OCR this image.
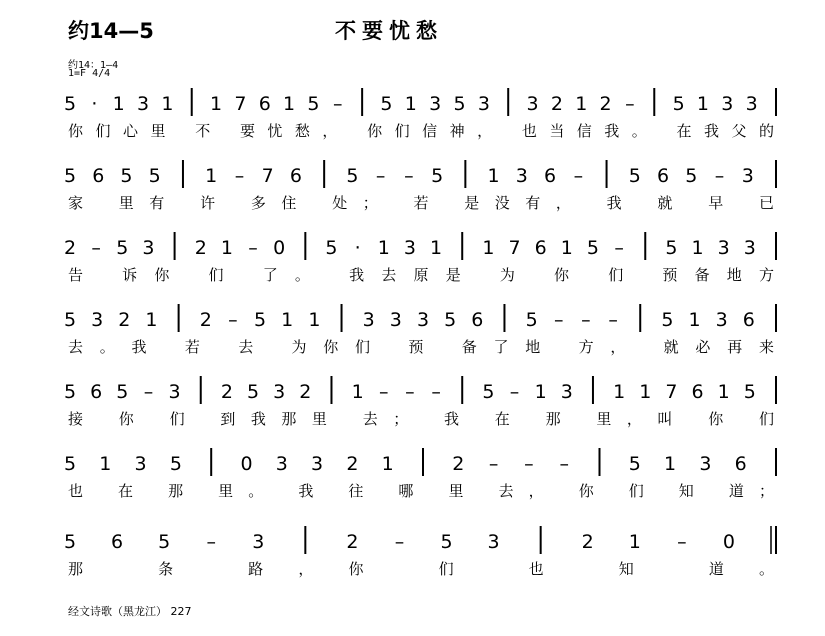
约14—5	不要忧愁
约14：1—4
1=F 4/4
5 · 1 3 1 1 7 6 1 5 – 5 1 3 5 3 3 2 1 2 – 5 1 3 3
你们心里 不 要忧愁， 你们信神， 也当信我。 在我父的
5 6 5 5 1 – 7 6 5 – – 5 1 3 6 – 5 6 5 – 3
家 里有 许 多住 处； 若 是没有， 我 就 早 已
2 – 5 3 2 1 – 0 5 · 1 3 1 1 7 6 1 5 – 5 1 3 3
告 诉你 们 了。 我去原是 为 你 们 预备地方
5 3 2 1 2 – 5 1 1 3 3 3 5 6 5 – – – 5 1 3 6
去。我 若 去 为你们 预 备了地 方， 就必再来
5 6 5 – 3 2 5 3 2 1 – – – 5 – 1 3 1 1 7 6 1 5
接 你 们 到我那里 去； 我 在 那 里，叫 你 们
5 1 3 5	0 3 3 2 1	2 – – –	5 1 3 6
也 在 那 里。 我 往 哪 里 去， 你 们 知 道；
5 6 5 – 3	2 – 5 3	2 1 – 0
那 条 路，你 们 也 知 道。
经文诗歌（黑龙江） 227
